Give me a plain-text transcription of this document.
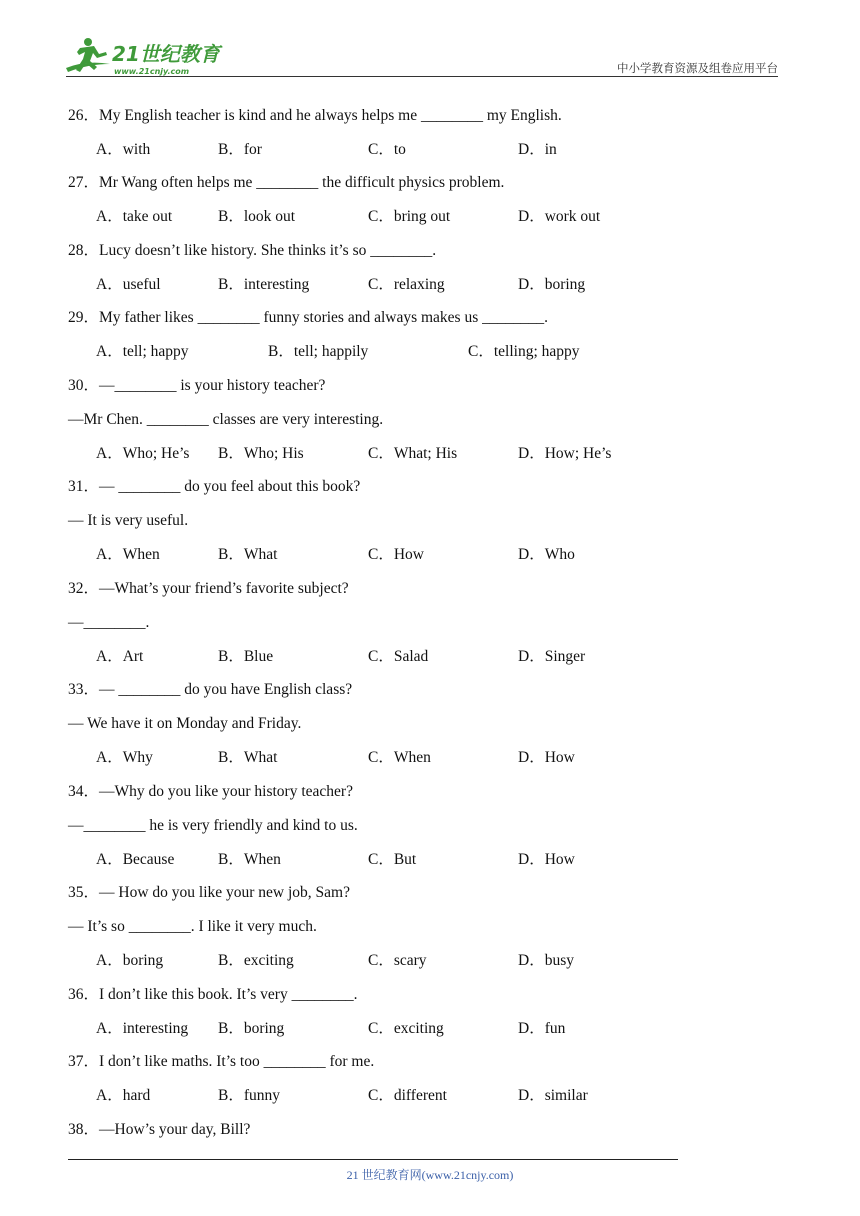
21世纪教育
www.21cnjy.com	中小学教育资源及组卷应用平台
26．My English teacher is kind and he always helps me ________ my English.
A．with	B．for	C．to	D．in
27．Mr Wang often helps me ________ the difficult physics problem.
A．take out	B．look out	C．bring out	D．work out
28．Lucy doesn’t like history. She thinks it’s so ________.
A．useful	B．interesting	C．relaxing	D．boring
29．My father likes ________ funny stories and always makes us ________.
A．tell; happy	B．tell; happily	C．telling; happy
30．—________ is your history teacher?
—Mr Chen. ________ classes are very interesting.
A．Who; He’s B．Who; His	C．What; His	D．How; He’s
31．— ________ do you feel about this book?
— It is very useful.
A．When	B．What	C．How	D．Who
32．—What’s your friend’s favorite subject?
—________.
A．Art	B．Blue	C．Salad	D．Singer
33．— ________ do you have English class?
— We have it on Monday and Friday.
A．Why	B．What	C．When	D．How
34．—Why do you like your history teacher?
—________ he is very friendly and kind to us.
A．Because	B．When	C．But	D．How
35．— How do you like your new job, Sam?
— It’s so ________. I like it very much.
A．boring	B．exciting	C．scary	D．busy
36．I don’t like this book. It’s very ________.
A．interesting B．boring	C．exciting	D．fun
37．I don’t like maths. It’s too ________ for me.
A．hard	B．funny	C．different	D．similar
38．—How’s your day, Bill?
21 世纪教育网(www.21cnjy.com)
